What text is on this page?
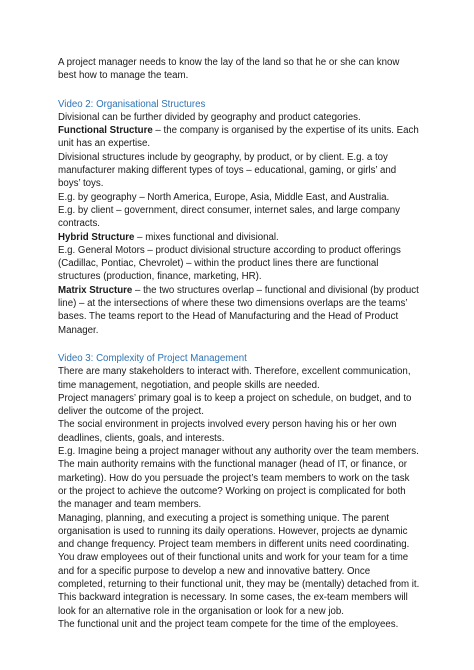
A project manager needs to know the lay of the land so that he or she can know best how to manage the team.

Video 2: Organisational Structures

Divisional can be further divided by geography and product categories.

Functional Structure – the company is organised by the expertise of its units. Each unit has an expertise.

Divisional structures include by geography, by product, or by client. E.g. a toy manufacturer making different types of toys – educational, gaming, or girls’ and boys’ toys.

E.g. by geography – North America, Europe, Asia, Middle East, and Australia.

E.g. by client – government, direct consumer, internet sales, and large company contracts.

Hybrid Structure – mixes functional and divisional.

E.g. General Motors – product divisional structure according to product offerings (Cadillac, Pontiac, Chevrolet) – within the product lines there are functional structures (production, finance, marketing, HR).

Matrix Structure – the two structures overlap – functional and divisional (by product line) – at the intersections of where these two dimensions overlaps are the teams’ bases. The teams report to the Head of Manufacturing and the Head of Product Manager.

Video 3: Complexity of Project Management

There are many stakeholders to interact with. Therefore, excellent communication, time management, negotiation, and people skills are needed.

Project managers’ primary goal is to keep a project on schedule, on budget, and to deliver the outcome of the project.

The social environment in projects involved every person having his or her own deadlines, clients, goals, and interests.

E.g. Imagine being a project manager without any authority over the team members. The main authority remains with the functional manager (head of IT, or finance, or marketing). How do you persuade the project’s team members to work on the task or the project to achieve the outcome? Working on project is complicated for both the manager and team members.

Managing, planning, and executing a project is something unique. The parent organisation is used to running its daily operations. However, projects ae dynamic and change frequency. Project team members in different units need coordinating.

You draw employees out of their functional units and work for your team for a time and for a specific purpose to develop a new and innovative battery. Once completed, returning to their functional unit, they may be (mentally) detached from it. This backward integration is necessary. In some cases, the ex-team members will look for an alternative role in the organisation or look for a new job.

The functional unit and the project team compete for the time of the employees.
